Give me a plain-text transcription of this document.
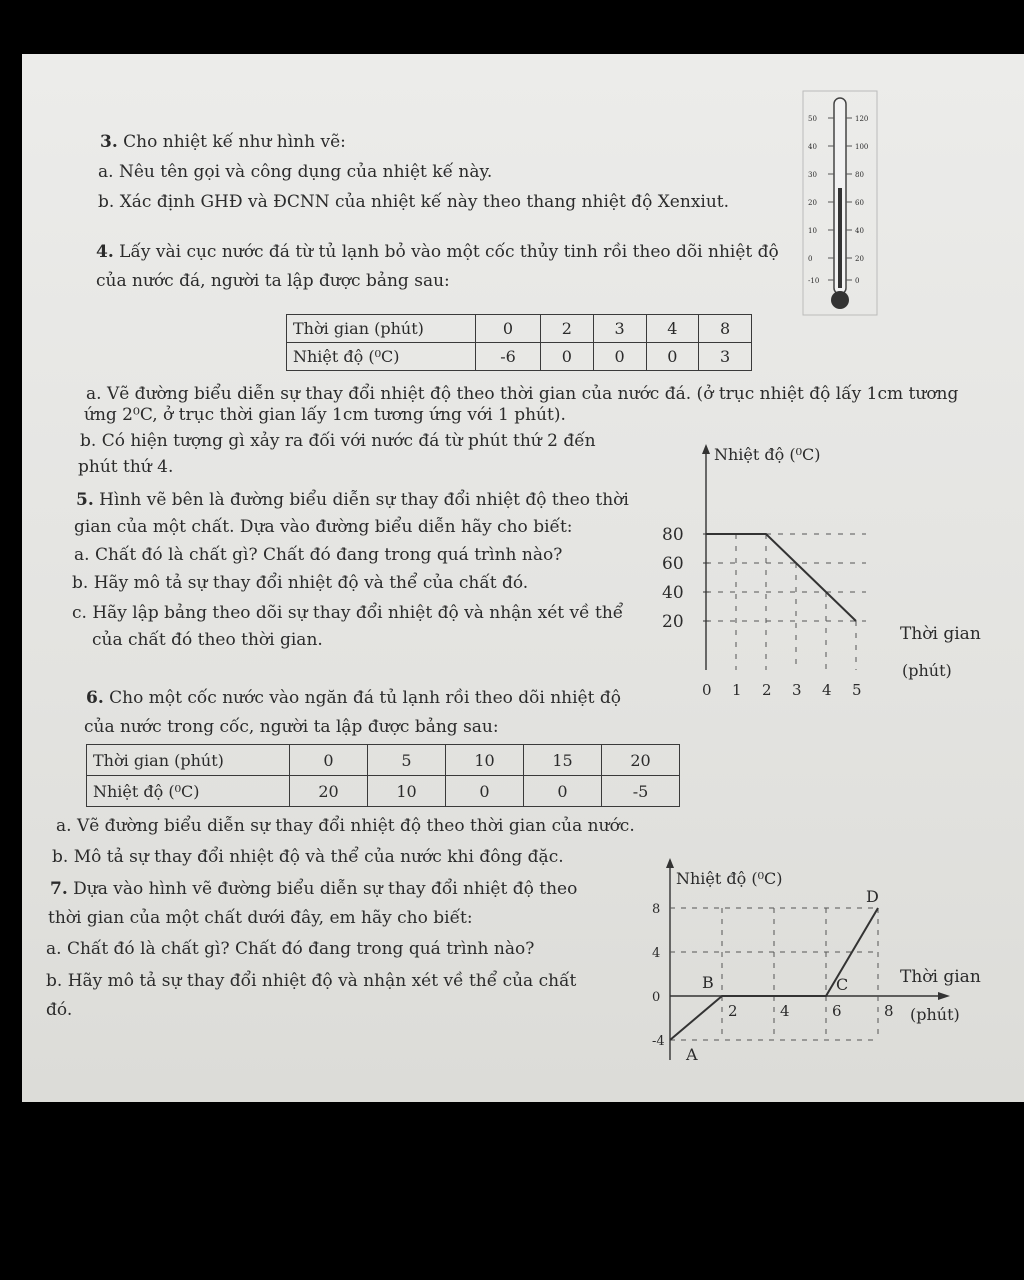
3. Cho nhiệt kế như hình vẽ:
a. Nêu tên gọi và công dụng của nhiệt kế này.
b. Xác định GHĐ và ĐCNN của nhiệt kế này theo thang nhiệt độ Xenxiut.
50
40
30
20
10
0
-10
120
100
80
60
40
20
0
4. Lấy vài cục nước đá từ tủ lạnh bỏ vào một cốc thủy tinh rồi theo dõi nhiệt độ
của nước đá, người ta lập được bảng sau:
Thời gian (phút)	0	2	3	4	8
Nhiệt độ (⁰C)	-6	0	0	0	3
a. Vẽ đường biểu diễn sự thay đổi nhiệt độ theo thời gian của nước đá. (ở trục nhiệt độ lấy 1cm tương
ứng 2⁰C, ở trục thời gian lấy 1cm tương ứng với 1 phút).
b. Có hiện tượng gì xảy ra đối với nước đá từ phút thứ 2 đến
phút thứ 4.
5. Hình vẽ bên là đường biểu diễn sự thay đổi nhiệt độ theo thời
gian của một chất. Dựa vào đường biểu diễn hãy cho biết:
a. Chất đó là chất gì? Chất đó đang trong quá trình nào?
b. Hãy mô tả sự thay đổi nhiệt độ và thể của chất đó.
c. Hãy lập bảng theo dõi sự thay đổi nhiệt độ và nhận xét về thể
của chất đó theo thời gian.
80
60
40
20
0 1 2 3 4 5
Nhiệt độ (⁰C)
Thời gian
(phút)
6. Cho một cốc nước vào ngăn đá tủ lạnh rồi theo dõi nhiệt độ
của nước trong cốc, người ta lập được bảng sau:
Thời gian (phút)	0	5	10	15	20
Nhiệt độ (⁰C)	20	10	0	0	-5
a. Vẽ đường biểu diễn sự thay đổi nhiệt độ theo thời gian của nước.
b. Mô tả sự thay đổi nhiệt độ và thể của nước khi đông đặc.
7. Dựa vào hình vẽ đường biểu diễn sự thay đổi nhiệt độ theo
thời gian của một chất dưới đây, em hãy cho biết:
a. Chất đó là chất gì? Chất đó đang trong quá trình nào?
b. Hãy mô tả sự thay đổi nhiệt độ và nhận xét về thể của chất
đó.
8
4
0
-4
2	4	6	8
A
B	C
D
Nhiệt độ (⁰C)
Thời gian
(phút)
